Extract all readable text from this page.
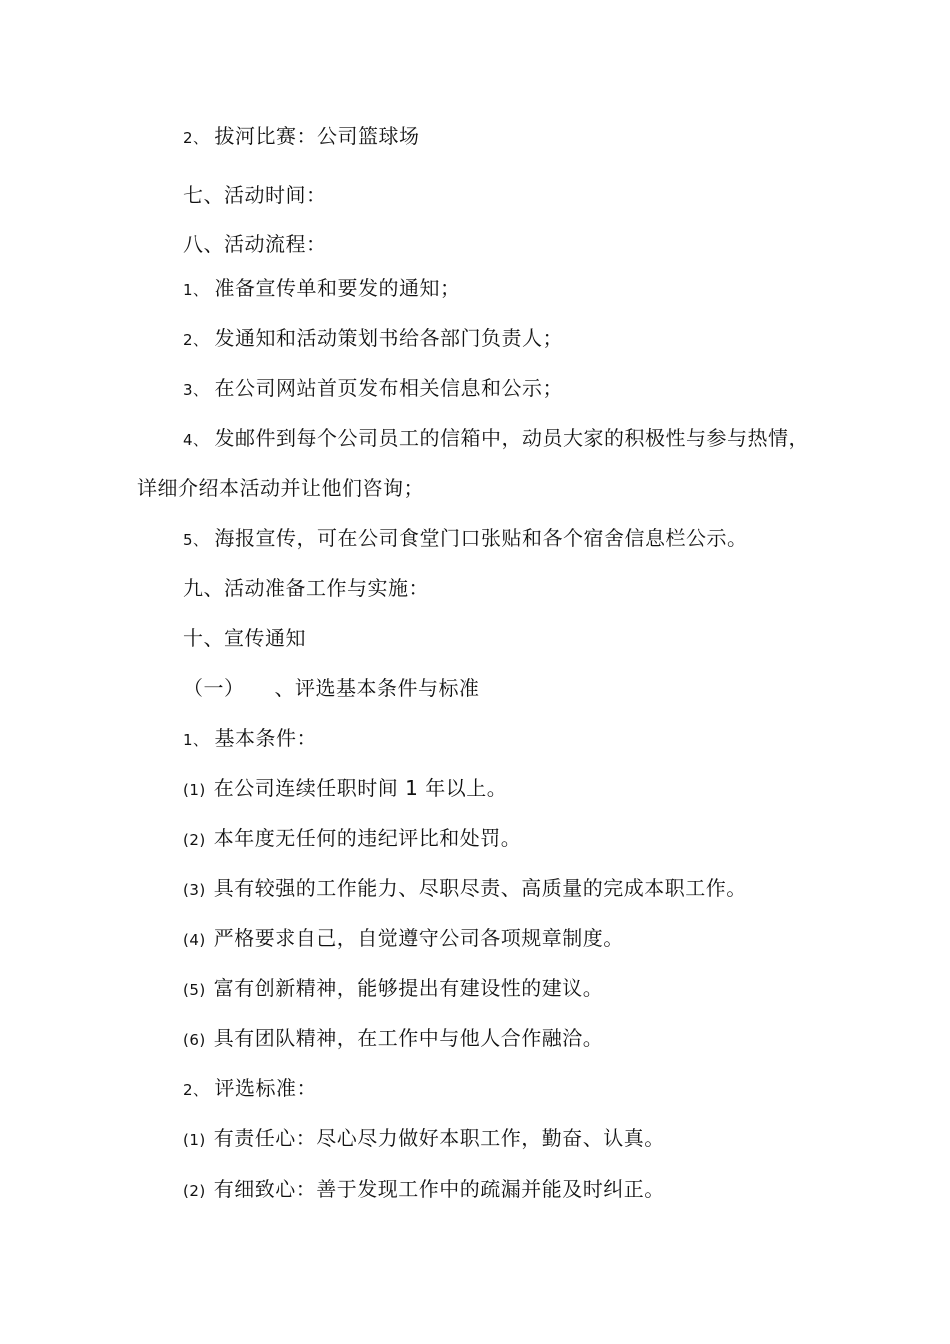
2、 拔河比赛：公司篮球场
七、活动时间：
八、活动流程：
1、 准备宣传单和要发的通知；
2、 发通知和活动策划书给各部门负责人；
3、 在公司网站首页发布相关信息和公示；
4、 发邮件到每个公司员工的信箱中，动员大家的积极性与参与热情，
详细介绍本活动并让他们咨询；
5、 海报宣传，可在公司食堂门口张贴和各个宿舍信息栏公示。
九、活动准备工作与实施：
十、宣传通知
（一） 、评选基本条件与标准
1、 基本条件：
(1) 在公司连续任职时间 1 年以上。
(2) 本年度无任何的违纪评比和处罚。
(3) 具有较强的工作能力、尽职尽责、高质量的完成本职工作。
(4) 严格要求自己，自觉遵守公司各项规章制度。
(5) 富有创新精神，能够提出有建设性的建议。
(6) 具有团队精神，在工作中与他人合作融洽。
2、 评选标准：
(1) 有责任心：尽心尽力做好本职工作，勤奋、认真。
(2) 有细致心：善于发现工作中的疏漏并能及时纠正。
